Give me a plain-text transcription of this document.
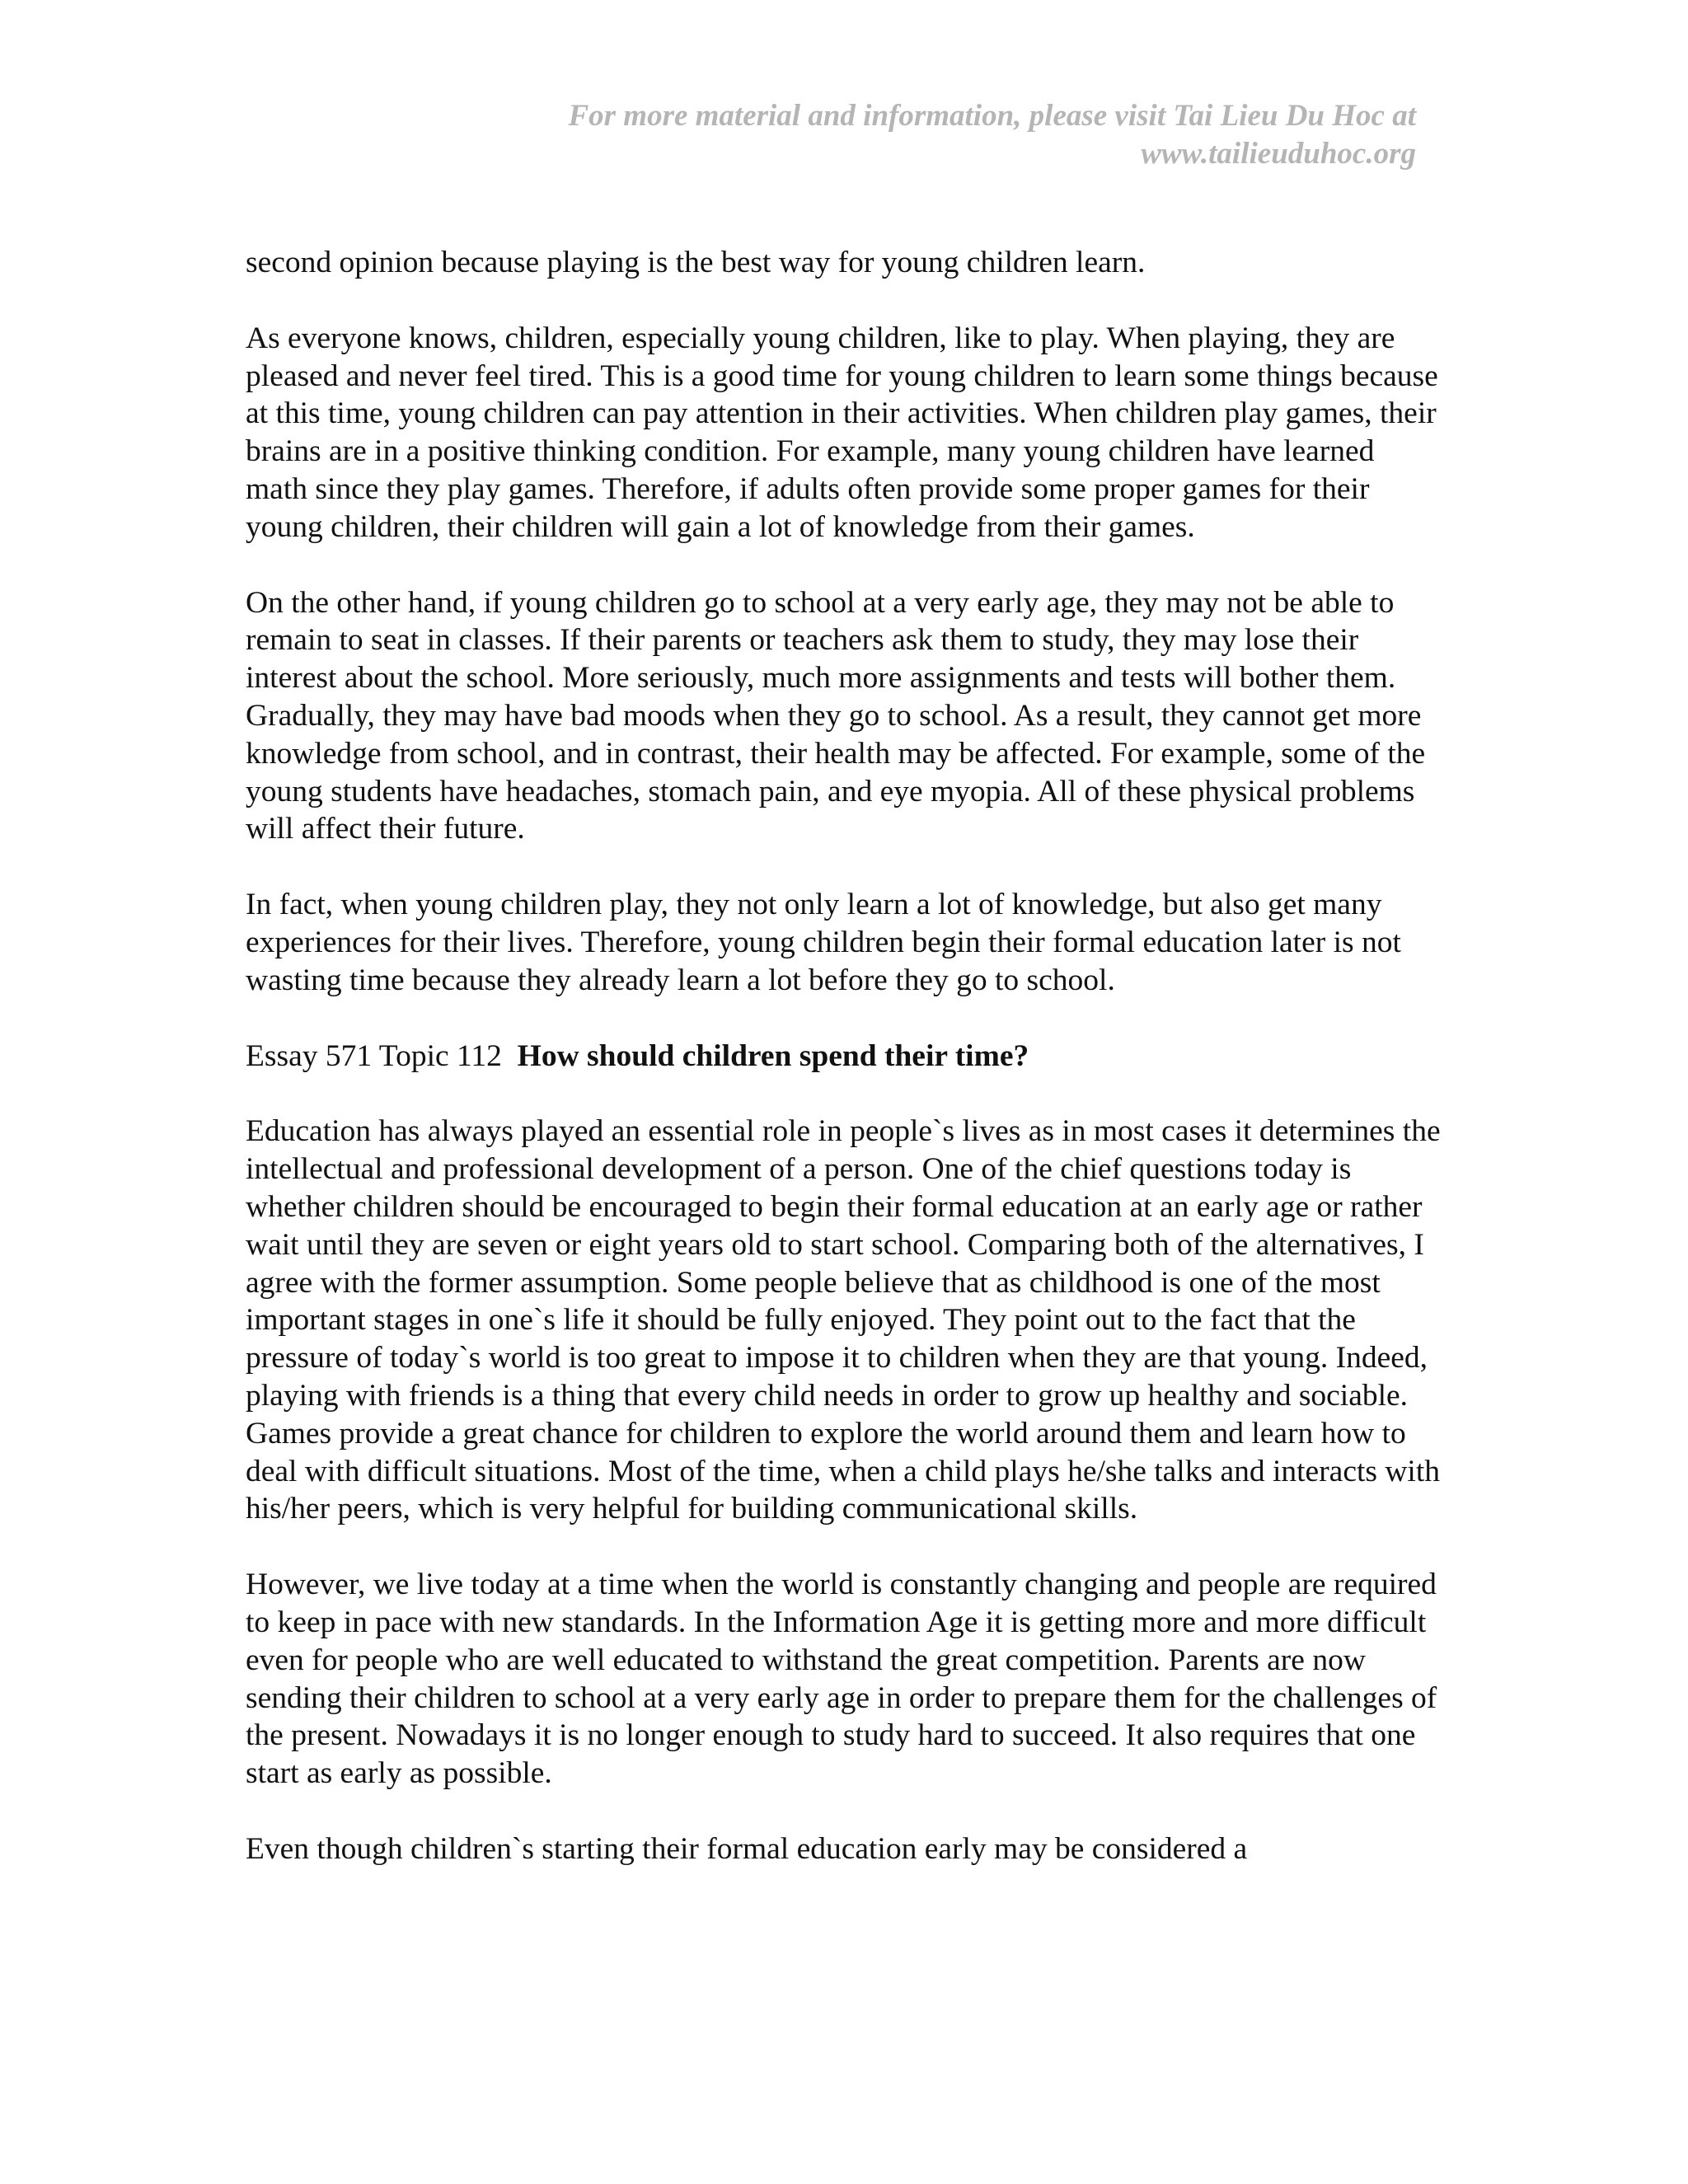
For more material and information, please visit Tai Lieu Du Hoc at
www.tailieuduhoc.org

second opinion because playing is the best way for young children learn.

As everyone knows, children, especially young children, like to play. When playing, they are pleased and never feel tired. This is a good time for young children to learn some things because at this time, young children can pay attention in their activities. When children play games, their brains are in a positive thinking condition. For example, many young children have learned math since they play games. Therefore, if adults often provide some proper games for their young children, their children will gain a lot of knowledge from their games.

On the other hand, if young children go to school at a very early age, they may not be able to remain to seat in classes. If their parents or teachers ask them to study, they may lose their interest about the school. More seriously, much more assignments and tests will bother them. Gradually, they may have bad moods when they go to school. As a result, they cannot get more knowledge from school, and in contrast, their health may be affected. For example, some of the young students have headaches, stomach pain, and eye myopia. All of these physical problems will affect their future.

In fact, when young children play, they not only learn a lot of knowledge, but also get many experiences for their lives. Therefore, young children begin their formal education later is not wasting time because they already learn a lot before they go to school.

Essay 571 Topic 112 How should children spend their time?

Education has always played an essential role in people`s lives as in most cases it determines the intellectual and professional development of a person. One of the chief questions today is whether children should be encouraged to begin their formal education at an early age or rather wait until they are seven or eight years old to start school. Comparing both of the alternatives, I agree with the former assumption. Some people believe that as childhood is one of the most important stages in one`s life it should be fully enjoyed. They point out to the fact that the pressure of today`s world is too great to impose it to children when they are that young. Indeed, playing with friends is a thing that every child needs in order to grow up healthy and sociable. Games provide a great chance for children to explore the world around them and learn how to deal with difficult situations. Most of the time, when a child plays he/she talks and interacts with his/her peers, which is very helpful for building communicational skills.

However, we live today at a time when the world is constantly changing and people are required to keep in pace with new standards. In the Information Age it is getting more and more difficult even for people who are well educated to withstand the great competition. Parents are now sending their children to school at a very early age in order to prepare them for the challenges of the present. Nowadays it is no longer enough to study hard to succeed. It also requires that one start as early as possible.

Even though children`s starting their formal education early may be considered a
